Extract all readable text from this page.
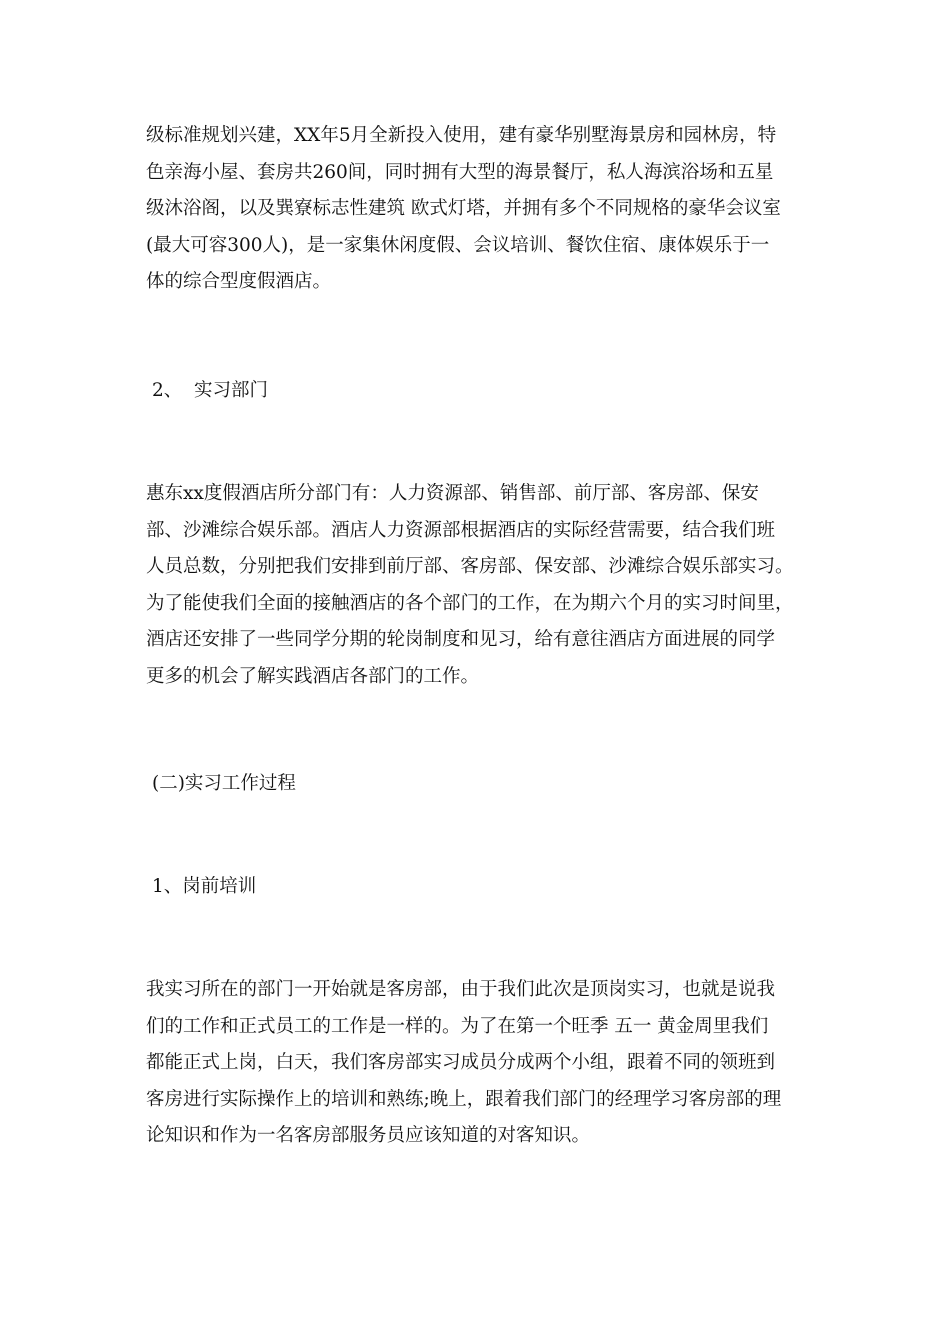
级标准规划兴建，XX年5月全新投入使用，建有豪华别墅海景房和园林房，特
色亲海小屋、套房共260间，同时拥有大型的海景餐厅，私人海滨浴场和五星
级沐浴阁，以及巽寮标志性建筑 欧式灯塔，并拥有多个不同规格的豪华会议室
(最大可容300人)，是一家集休闲度假、会议培训、餐饮住宿、康体娱乐于一
体的综合型度假酒店。
2、  实习部门
惠东xx度假酒店所分部门有：人力资源部、销售部、前厅部、客房部、保安
部、沙滩综合娱乐部。酒店人力资源部根据酒店的实际经营需要，结合我们班
人员总数，分别把我们安排到前厅部、客房部、保安部、沙滩综合娱乐部实习。
为了能使我们全面的接触酒店的各个部门的工作，在为期六个月的实习时间里，
酒店还安排了一些同学分期的轮岗制度和见习，给有意往酒店方面进展的同学
更多的机会了解实践酒店各部门的工作。
(二)实习工作过程
1、岗前培训
我实习所在的部门一开始就是客房部，由于我们此次是顶岗实习，也就是说我
们的工作和正式员工的工作是一样的。为了在第一个旺季 五一 黄金周里我们
都能正式上岗，白天，我们客房部实习成员分成两个小组，跟着不同的领班到
客房进行实际操作上的培训和熟练;晚上，跟着我们部门的经理学习客房部的理
论知识和作为一名客房部服务员应该知道的对客知识。
